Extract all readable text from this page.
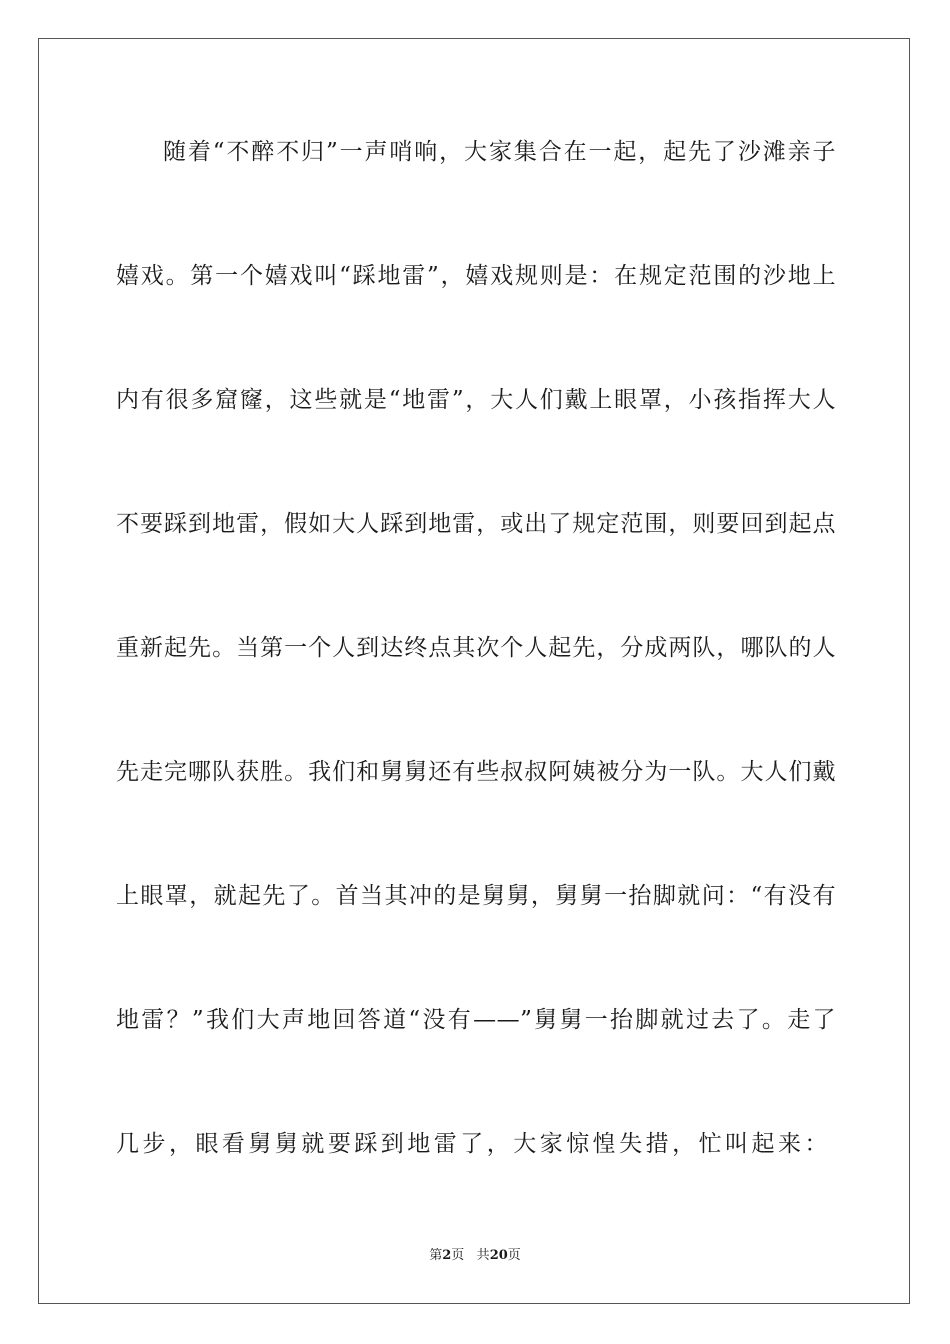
随着“不醉不归”一声哨响，大家集合在一起，起先了沙滩亲子
嬉戏。第一个嬉戏叫“踩地雷”，嬉戏规则是：在规定范围的沙地上
内有很多窟窿，这些就是“地雷”，大人们戴上眼罩，小孩指挥大人
不要踩到地雷，假如大人踩到地雷，或出了规定范围，则要回到起点
重新起先。当第一个人到达终点其次个人起先，分成两队，哪队的人
先走完哪队获胜。我们和舅舅还有些叔叔阿姨被分为一队。大人们戴
上眼罩，就起先了。首当其冲的是舅舅，舅舅一抬脚就问：“有没有
地雷？”我们大声地回答道“没有——”舅舅一抬脚就过去了。走了
几步，眼看舅舅就要踩到地雷了，大家惊惶失措，忙叫起来：
第2页 共20页
